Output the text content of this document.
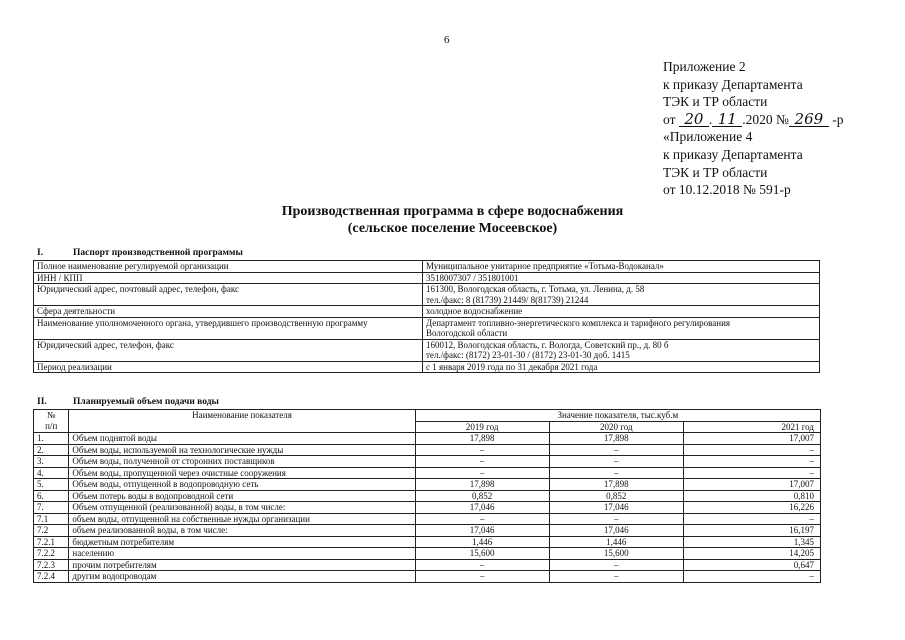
6
Приложение 2
к приказу Департамента
ТЭК и ТР области
от 20 . 11 .2020 № 269 -р
«Приложение 4
к приказу Департамента
ТЭК и ТР области
от 10.12.2018 № 591-р
Производственная программа в сфере водоснабжения
(сельское поселение Мосеевское)
I.	Паспорт производственной программы
Полное наименование регулируемой организации	Муниципальное унитарное предприятие «Тотьма-Водоканал»

ИНН / КПП	3518007307 / 351801001

Юридический адрес, почтовый адрес, телефон, факс	161300, Вологодская область, г. Тотьма, ул. Ленина, д. 58
тел./факс: 8 (81739) 21449/ 8(81739) 21244

Сфера деятельности	холодное водоснабжение

Наименование уполномоченного органа, утвердившего производственную программу	Департамент топливно-энергетического комплекса и тарифного регулирования
Вологодской области

Юридический адрес, телефон, факс	160012, Вологодская область, г. Вологда, Советский пр., д. 80 б
тел./факс: (8172) 23-01-30 / (8172) 23-01-30 доб. 1415

Период реализации	с 1 января 2019 года по 31 декабря 2021 года
II.	Планируемый объем подачи воды
№
п/п	Наименование показателя	Значение показателя, тыс.куб.м		
		2019 год	2020 год	2021 год
1.	Объем поднятой воды	17,898	17,898	17,007
2.	Объем воды, используемой на технологические нужды	–	–	–
3.	Объем воды, полученной от сторонних поставщиков	–	–	–
4.	Объем воды, пропущенной через очистные сооружения	–	–	–
5.	Объем воды, отпущенной в водопроводную сеть	17,898	17,898	17,007
6.	Объем потерь воды в водопроводной сети	0,852	0,852	0,810
7.	Объем отпущенной (реализованной) воды, в том числе:	17,046	17,046	16,226
7.1	объем воды, отпущенной на собственные нужды организации	–	–	–
7.2	объем реализованной воды, в том числе:	17,046	17,046	16,197
7.2.1	бюджетным потребителям	1,446	1,446	1,345
7.2.2	населению	15,600	15,600	14,205
7.2.3	прочим потребителям	–	–	0,647
7.2.4	другим водопроводам	–	–	–
